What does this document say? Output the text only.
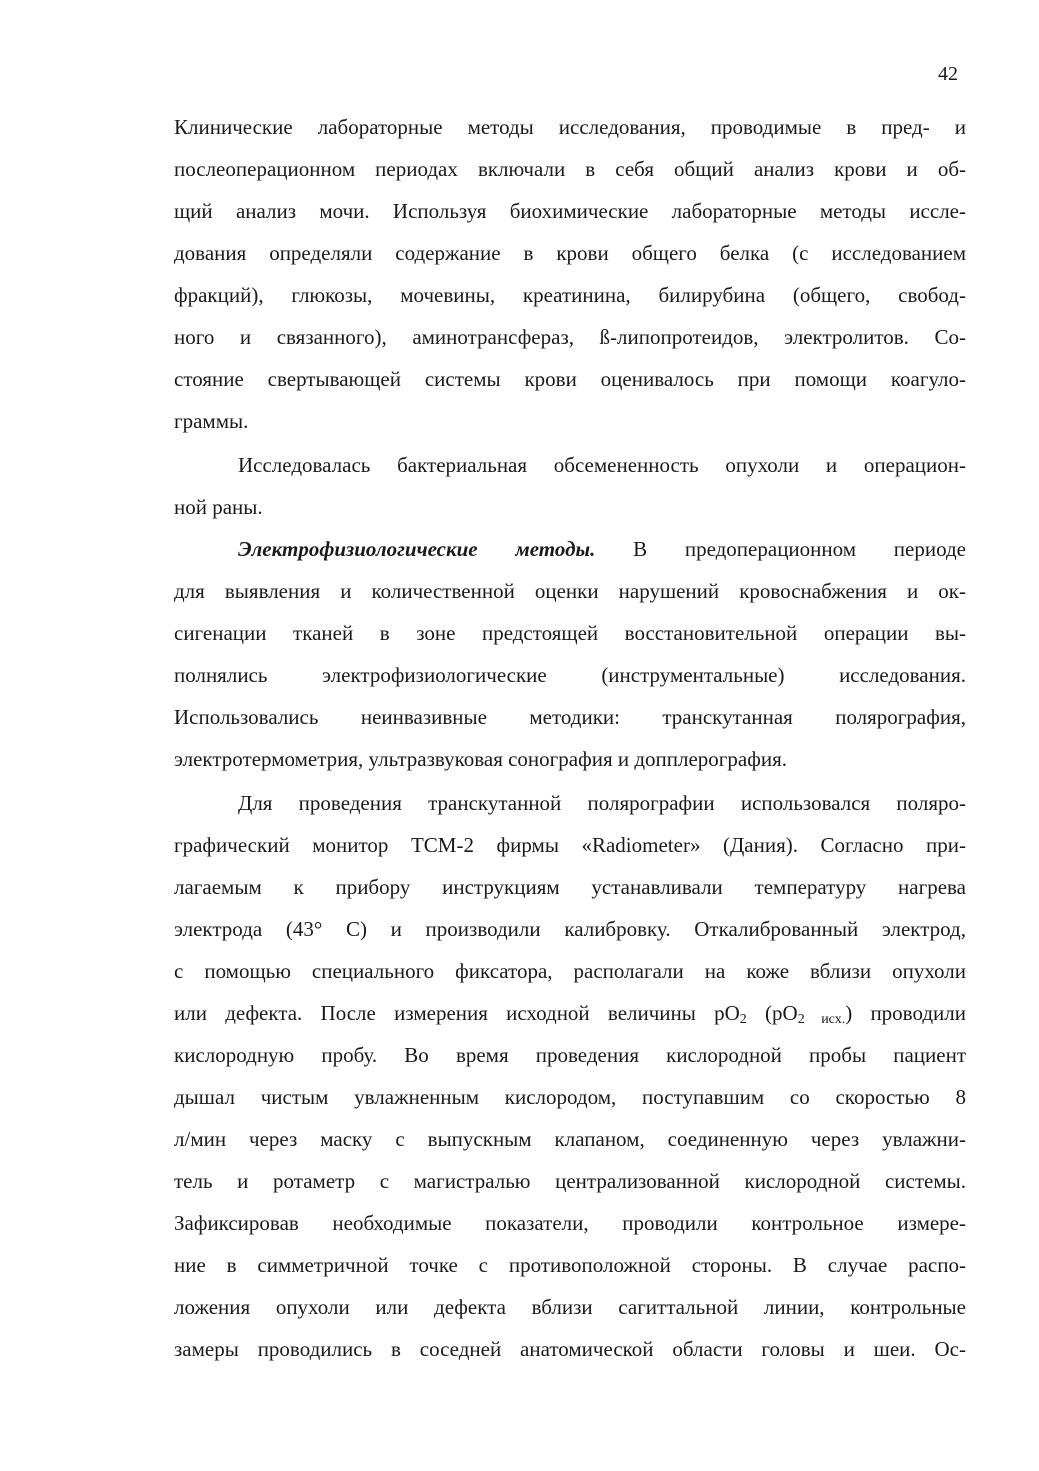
42
Клинические лабораторные методы исследования, проводимые в пред- и
послеоперационном периодах включали в себя общий анализ крови и об-
щий анализ мочи. Используя биохимические лабораторные методы иссле-
дования определяли содержание в крови общего белка (с исследованием
фракций), глюкозы, мочевины, креатинина, билирубина (общего, свобод-
ного и связанного), аминотрансфераз, ß-липопротеидов, электролитов. Со-
стояние свертывающей системы крови оценивалось при помощи коагуло-
граммы.
Исследовалась бактериальная обсемененность опухоли и операцион-
ной раны.
Электрофизиологические методы. В предоперационном периоде
для выявления и количественной оценки нарушений кровоснабжения и ок-
сигенации тканей в зоне предстоящей восстановительной операции вы-
полнялись электрофизиологические (инструментальные) исследования.
Использовались неинвазивные методики: транскутанная полярография,
электротермометрия, ультразвуковая сонография и допплерография.
Для проведения транскутанной полярографии использовался поляро-
графический монитор ТСМ-2 фирмы «Radiometer» (Дания). Согласно при-
лагаемым к прибору инструкциям устанавливали температуру нагрева
электрода (43° С) и производили калибровку. Откалиброванный электрод,
с помощью специального фиксатора, располагали на коже вблизи опухоли
или дефекта. После измерения исходной величины $рО_2$ $(рО_{2 исх.})$ проводили
кислородную пробу. Во время проведения кислородной пробы пациент
дышал чистым увлажненным кислородом, поступавшим со скоростью 8
л/мин через маску с выпускным клапаном, соединенную через увлажни-
тель и ротаметр с магистралью централизованной кислородной системы.
Зафиксировав необходимые показатели, проводили контрольное измере-
ние в симметричной точке с противоположной стороны. В случае распо-
ложения опухоли или дефекта вблизи сагиттальной линии, контрольные
замеры проводились в соседней анатомической области головы и шеи. Ос-
